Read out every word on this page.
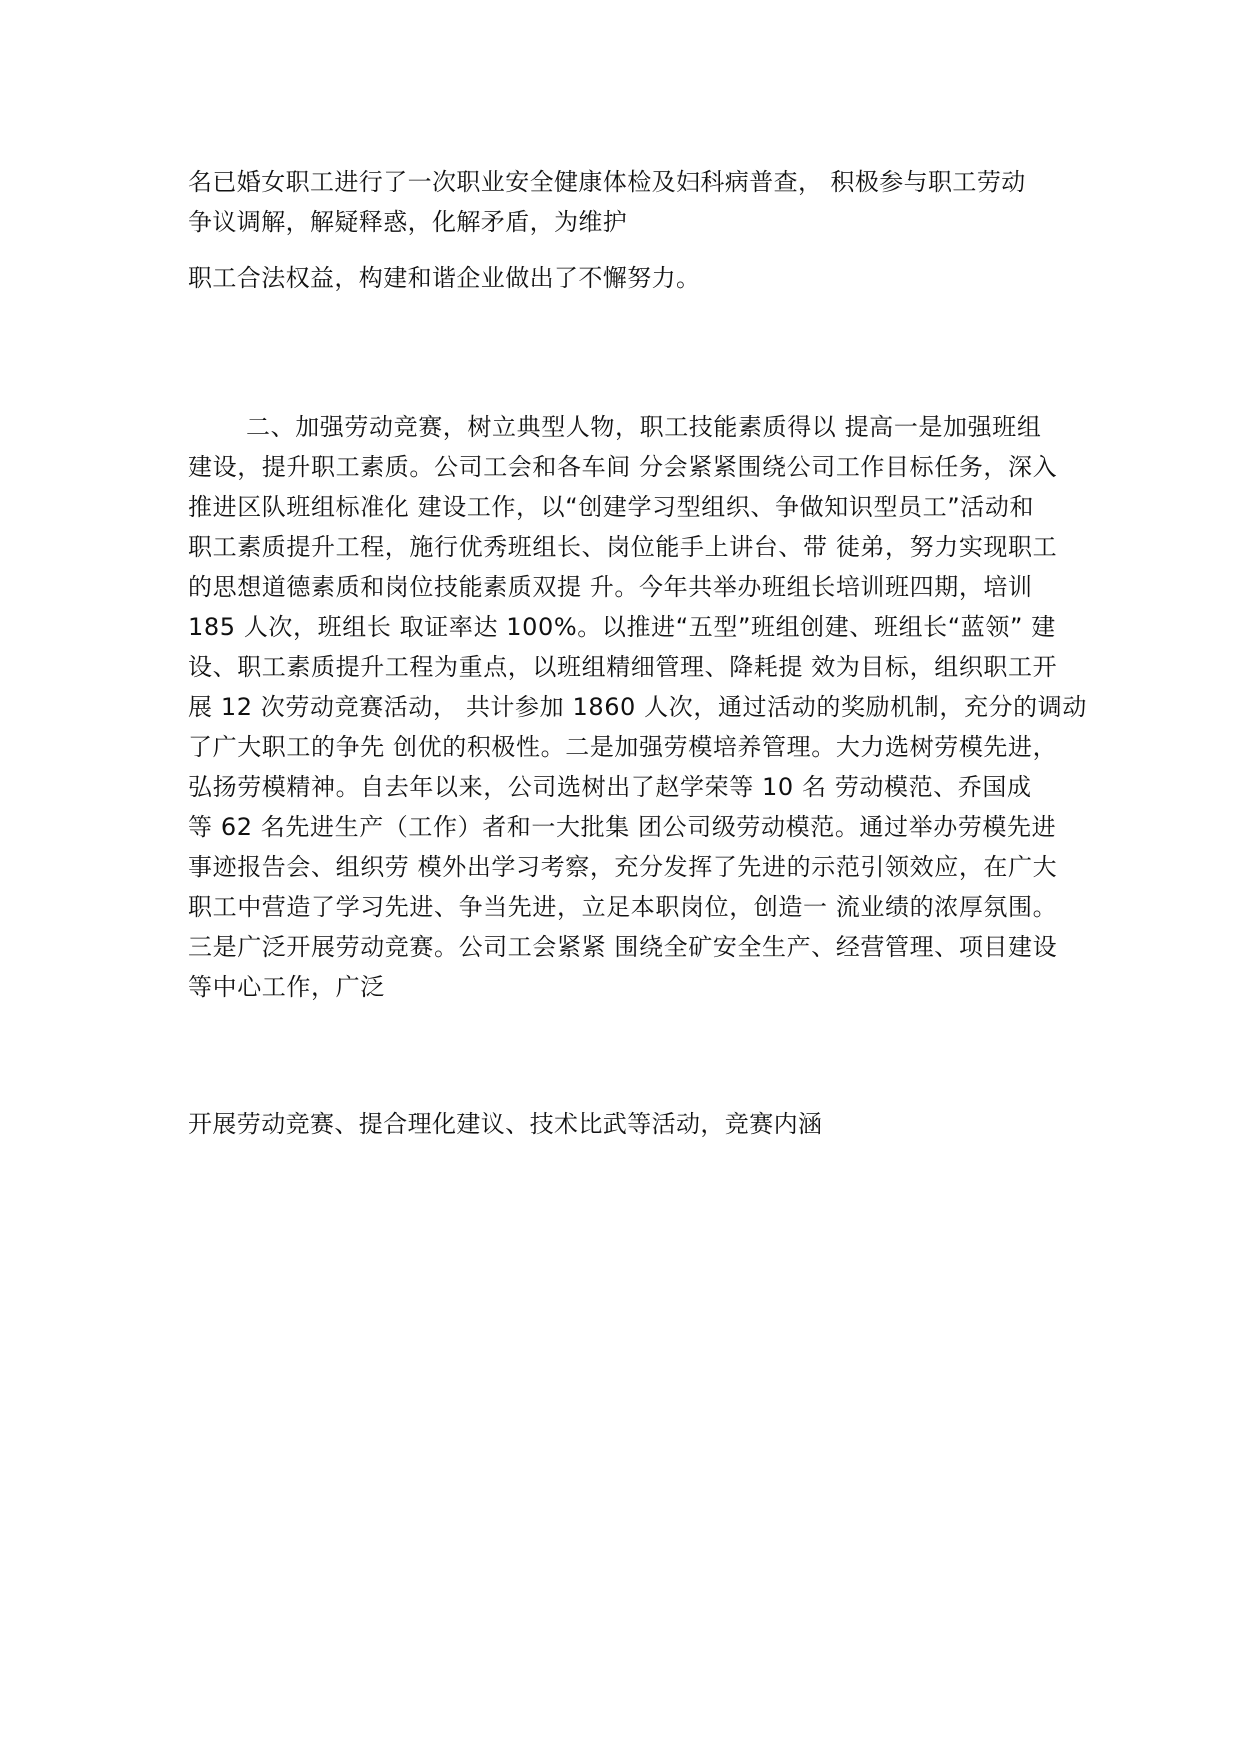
名已婚女职工进行了一次职业安全健康体检及妇科病普查， 积极参与职工劳动
争议调解，解疑释惑，化解矛盾，为维护
职工合法权益，构建和谐企业做出了不懈努力。
二、加强劳动竞赛，树立典型人物，职工技能素质得以 提高一是加强班组
建设，提升职工素质。公司工会和各车间 分会紧紧围绕公司工作目标任务，深入
推进区队班组标准化 建设工作，以“创建学习型组织、争做知识型员工”活动和
职工素质提升工程，施行优秀班组长、岗位能手上讲台、带 徒弟，努力实现职工
的思想道德素质和岗位技能素质双提 升。今年共举办班组长培训班四期，培训
185 人次，班组长 取证率达 100%。以推进“五型”班组创建、班组长“蓝领” 建
设、职工素质提升工程为重点，以班组精细管理、降耗提 效为目标，组织职工开
展 12 次劳动竞赛活动， 共计参加 1860 人次，通过活动的奖励机制，充分的调动
了广大职工的争先 创优的积极性。二是加强劳模培养管理。大力选树劳模先进，
弘扬劳模精神。自去年以来，公司选树出了赵学荣等 10 名 劳动模范、乔国成
等 62 名先进生产（工作）者和一大批集 团公司级劳动模范。通过举办劳模先进
事迹报告会、组织劳 模外出学习考察，充分发挥了先进的示范引领效应，在广大
职工中营造了学习先进、争当先进，立足本职岗位，创造一 流业绩的浓厚氛围。
三是广泛开展劳动竞赛。公司工会紧紧 围绕全矿安全生产、经营管理、项目建设
等中心工作，广泛
开展劳动竞赛、提合理化建议、技术比武等活动，竞赛内涵
